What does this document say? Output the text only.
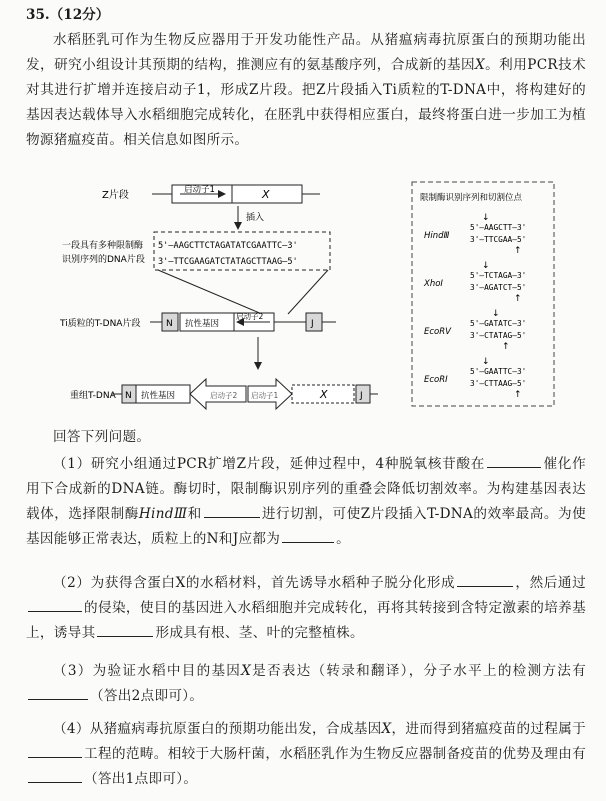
35.（12分）
水稻胚乳可作为生物反应器用于开发功能性产品。从猪瘟病毒抗原蛋白的预期功能出发，研究小组设计其预期的结构，推测应有的氨基酸序列，合成新的基因X。利用PCR技术对其进行扩增并连接启动子1，形成Z片段。把Z片段插入Ti质粒的T-DNA中，将构建好的基因表达载体导入水稻细胞完成转化，在胚乳中获得相应蛋白，最终将蛋白进一步加工为植物源猪瘟疫苗。相关信息如图所示。
Z片段	启动子1	X
插入
一段具有多种限制酶
识别序列的DNA片段
5'–AAGCTTCTAGATATCGAATTC–3'
3'–TTCGAAGATCTATAGCTTAAG–5'
Ti质粒的T-DNA片段	N 抗性基因
启动子2
J
重组T-DNA N 抗性基因	启动子2 启动子1	X	J
限制酶识别序列和切割位点
HindⅢ
↓
5'–AAGCTT–3'
3'–TTCGAA–5'
↑
XhoⅠ
↓
5'–TCTAGA–3'
3'–AGATCT–5'
↑
EcoRⅤ
↓
5'–GATATC–3'
3'–CTATAG–5'
↑
EcoRⅠ
↓
5'–GAATTC–3'
3'–CTTAAG–5'
↑
回答下列问题。
（1）研究小组通过PCR扩增Z片段，延伸过程中，4种脱氧核苷酸在	催化作用下合成新的DNA链。酶切时，限制酶识别序列的重叠会降低切割效率。为构建基因表达载体，选择限制酶HindⅢ和	进行切割，可使Z片段插入T-DNA的效率最高。为使基因能够正常表达，质粒上的N和J应都为	。
（2）为获得含蛋白X的水稻材料，首先诱导水稻种子脱分化形成	，然后通过的侵染，使目的基因进入水稻细胞并完成转化，再将其转接到含特定激素的培养基上，诱导其	形成具有根、茎、叶的完整植株。
（3）为验证水稻中目的基因X是否表达（转录和翻译），分子水平上的检测方法有（答出2点即可）。
（4）从猪瘟病毒抗原蛋白的预期功能出发，合成基因X，进而得到猪瘟疫苗的过程属于工程的范畴。相较于大肠杆菌，水稻胚乳作为生物反应器制备疫苗的优势及理由有（答出1点即可）。
